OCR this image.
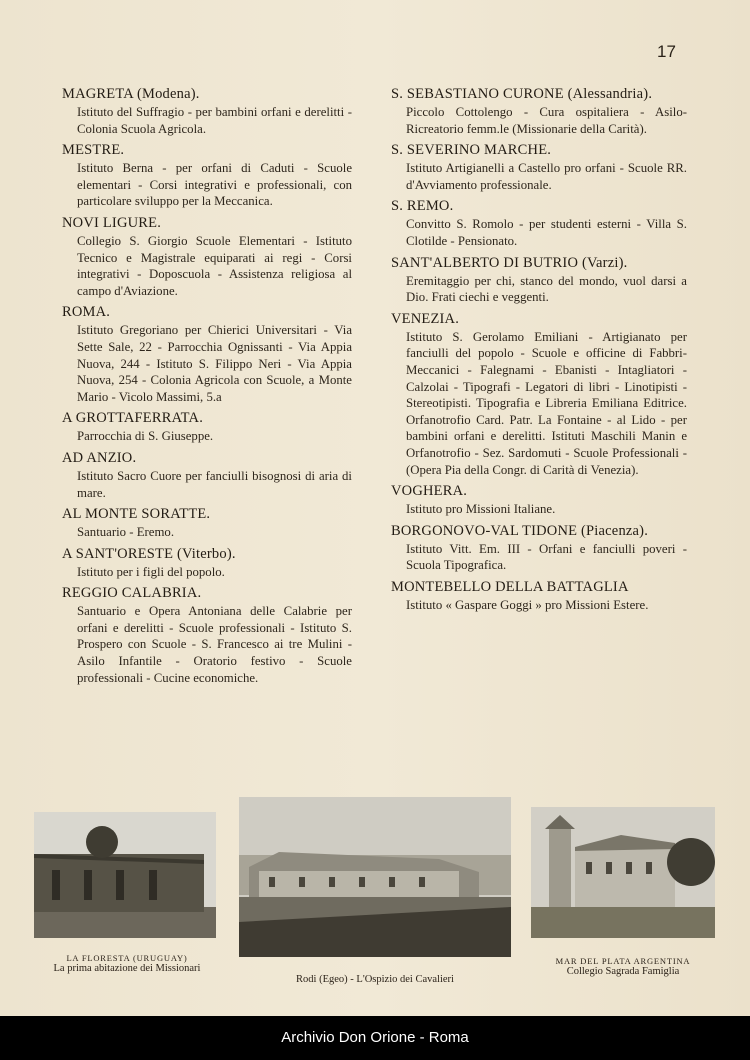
17
MAGRETA (Modena).
Istituto del Suffragio - per bambini orfani e derelitti - Colonia Scuola Agricola.
MESTRE.
Istituto Berna - per orfani di Caduti - Scuole elementari - Corsi integrativi e professionali, con particolare sviluppo per la Meccanica.
NOVI LIGURE.
Collegio S. Giorgio Scuole Elementari - Istituto Tecnico e Magistrale equiparati ai regi - Corsi integrativi - Doposcuola - Assistenza religiosa al campo d'Aviazione.
ROMA.
Istituto Gregoriano per Chierici Universitari - Via Sette Sale, 22 - Parrocchia Ognissanti - Via Appia Nuova, 244 - Istituto S. Filippo Neri - Via Appia Nuova, 254 - Colonia Agricola con Scuole, a Monte Mario - Vicolo Massimi, 5.a
A GROTTAFERRATA.
Parrocchia di S. Giuseppe.
AD ANZIO.
Istituto Sacro Cuore per fanciulli bisognosi di aria di mare.
AL MONTE SORATTE.
Santuario - Eremo.
A SANT'ORESTE (Viterbo).
Istituto per i figli del popolo.
REGGIO CALABRIA.
Santuario e Opera Antoniana delle Calabrie per orfani e derelitti - Scuole professionali - Istituto S. Prospero con Scuole - S. Francesco ai tre Mulini - Asilo Infantile - Oratorio festivo - Scuole professionali - Cucine economiche.
S. SEBASTIANO CURONE (Alessandria).
Piccolo Cottolengo - Cura ospitaliera - Asilo- Ricreatorio femm.le (Missionarie della Carità).
S. SEVERINO MARCHE.
Istituto Artigianelli a Castello pro orfani - Scuole RR. d'Avviamento professionale.
S. REMO.
Convitto S. Romolo - per studenti esterni - Villa S. Clotilde - Pensionato.
SANT'ALBERTO DI BUTRIO (Varzi).
Eremitaggio per chi, stanco del mondo, vuol darsi a Dio. Frati ciechi e veggenti.
VENEZIA.
Istituto S. Gerolamo Emiliani - Artigianato per fanciulli del popolo - Scuole e officine di Fabbri-Meccanici - Falegnami - Ebanisti - Intagliatori - Calzolai - Tipografi - Legatori di libri - Linotipisti - Stereotipisti. Tipografia e Libreria Emiliana Editrice. Orfanotrofio Card. Patr. La Fontaine - al Lido - per bambini orfani e derelitti. Istituti Maschili Manin e Orfanotrofio - Sez. Sardomuti - Scuole Professionali - (Opera Pia della Congr. di Carità di Venezia).
VOGHERA.
Istituto pro Missioni Italiane.
BORGONOVO-VAL TIDONE (Piacenza).
Istituto Vitt. Em. III - Orfani e fanciulli poveri - Scuola Tipografica.
MONTEBELLO DELLA BATTAGLIA
Istituto « Gaspare Goggi » pro Missioni Estere.
LA FLORESTA (URUGUAY)
La prima abitazione dei Missionari
Rodi (Egeo) - L'Ospizio dei Cavalieri
MAR DEL PLATA ARGENTINA
Collegio Sagrada Famiglia
Archivio Don Orione - Roma
